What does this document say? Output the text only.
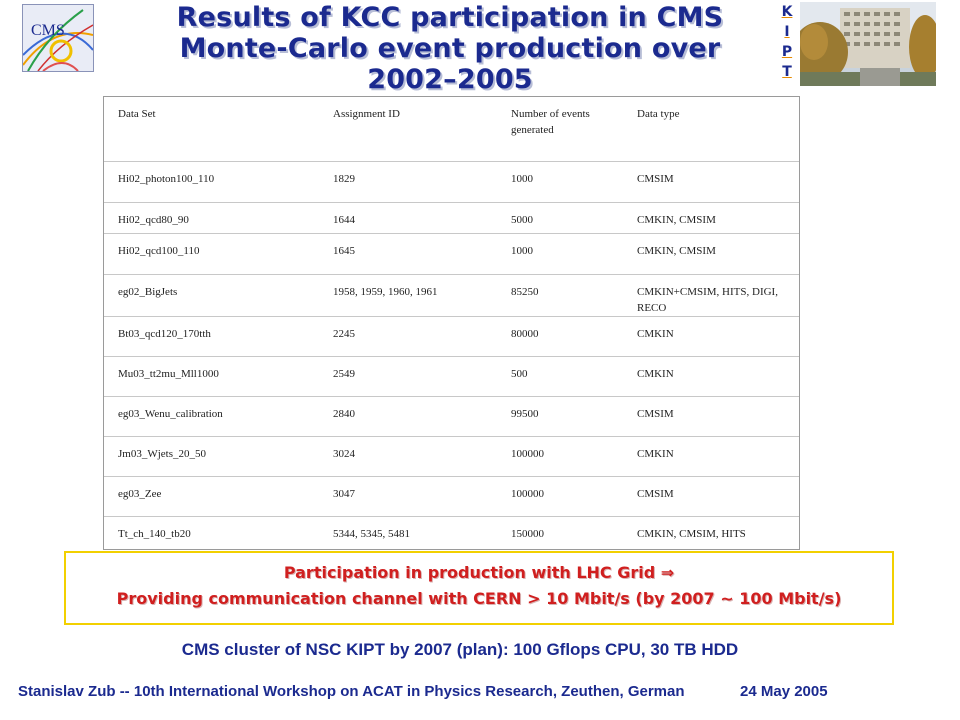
CMS	Results of KCC participation in CMS
Monte-Carlo event production over
2002–2005
K
I
P
T
Data Set	Assignment ID	Number of events generated	Data type
Hi02_photon100_110	1829	1000	CMSIM
Hi02_qcd80_90	1644	5000	CMKIN, CMSIM
Hi02_qcd100_110	1645	1000	CMKIN, CMSIM
eg02_BigJets	1958, 1959, 1960, 1961	85250	CMKIN+CMSIM, HITS, DIGI, RECO
Bt03_qcd120_170tth	2245	80000	CMKIN
Mu03_tt2mu_Mll1000	2549	500	CMKIN
eg03_Wenu_calibration	2840	99500	CMSIM
Jm03_Wjets_20_50	3024	100000	CMKIN
eg03_Zee	3047	100000	CMSIM
Tt_ch_140_tb20	5344, 5345, 5481	150000	CMKIN, CMSIM, HITS
Participation in production with LHC Grid ⇒
Providing communication channel with CERN > 10 Mbit/s (by 2007 ~ 100 Mbit/s)
CMS cluster of NSC KIPT by 2007 (plan): 100 Gflops CPU, 30 TB HDD
Stanislav Zub -- 10th International Workshop on ACAT in Physics Research, Zeuthen, German	24 May 2005
